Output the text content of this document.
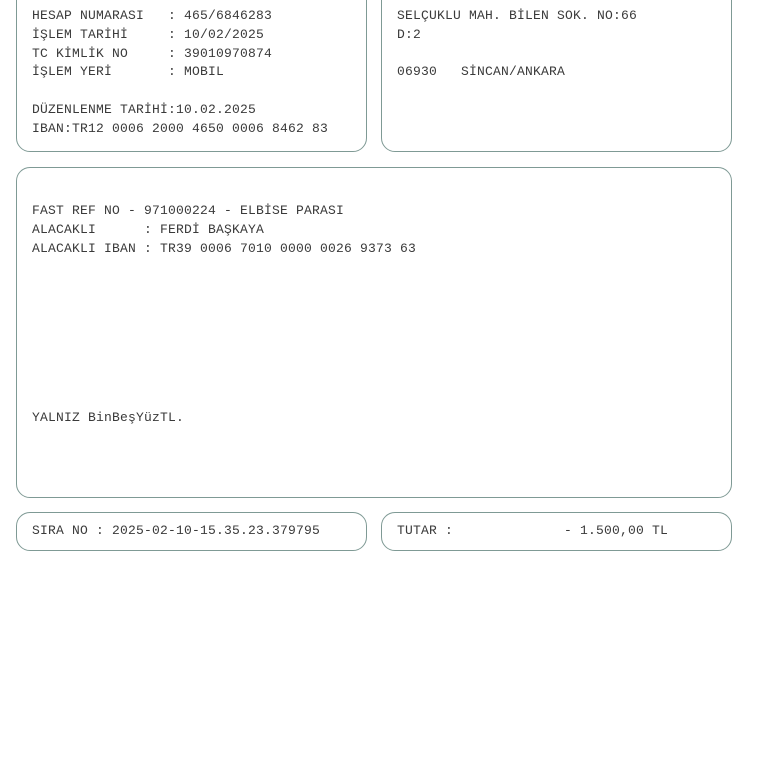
HESAP NUMARASI   : 465/6846283
İŞLEM TARİHİ     : 10/02/2025
TC KİMLİK NO     : 39010970874
İŞLEM YERİ       : MOBIL
DÜZENLENME TARİHİ:10.02.2025
IBAN:TR12 0006 2000 4650 0006 8462 83
SELÇUKLU MAH. BİLEN SOK. NO:66
D:2
06930   SİNCAN/ANKARA
FAST REF NO - 971000224 - ELBİSE PARASI
ALACAKLI      : FERDİ BAŞKAYA
ALACAKLI IBAN : TR39 0006 7010 0000 0026 9373 63
YALNIZ BinBeşYüzTL.
SIRA NO : 2025-02-10-15.35.23.379795	TUTAR :	- 1.500,00 TL
